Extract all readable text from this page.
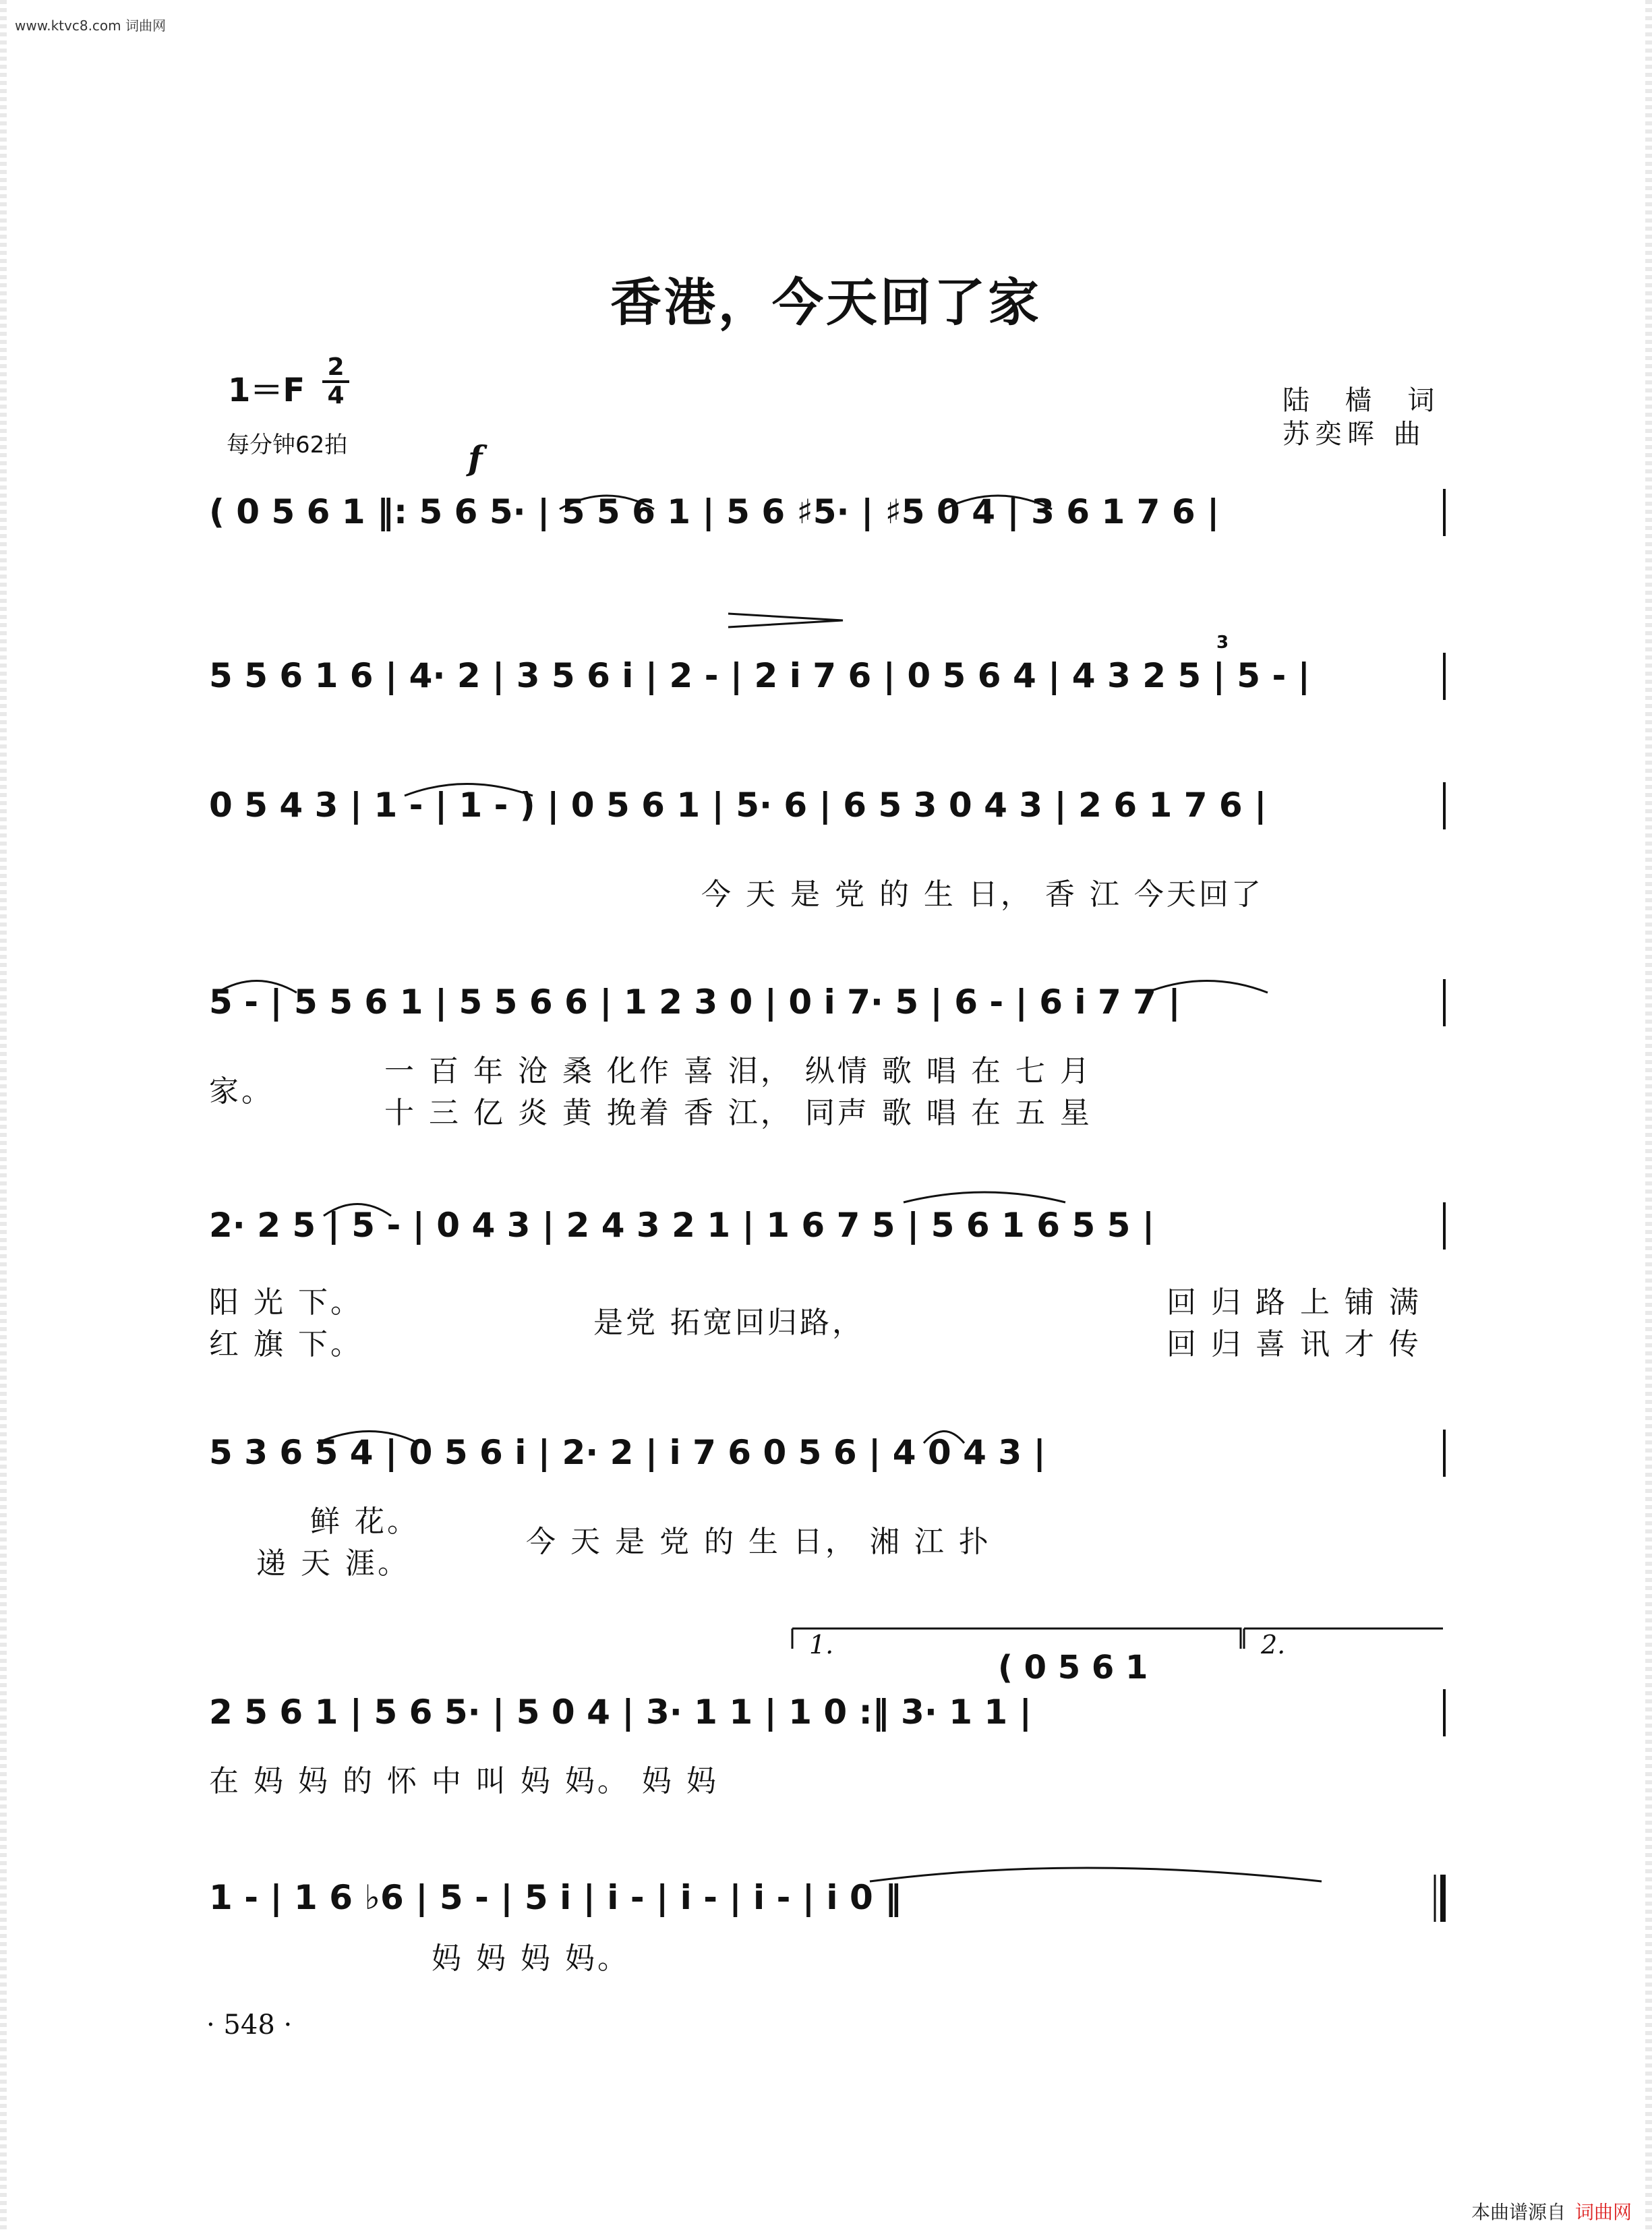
www.ktvc8.com 词曲网
香港，今天回了家
1＝F
2
4
每分钟62拍
陆 樯 词
苏奕晖 曲
f
( 0 5 6 1 ‖: 5 6 5· | 5 5 6 1 | 5 6 ♯5· | ♯5 0 4 | 3 6 1 7 6 |
5 5 6 1 6 | 4· 2 | 3 5 6 i | 2 - | 2 i 7 6 | 0 5 6 4 | 4 3 2 5 | 5 - |
3
0 5 4 3 | 1 - | 1 - ) | 0 5 6 1 | 5· 6 | 6 5 3 0 4 3 | 2 6 1 7 6 |
今 天 是 党 的 生 日， 香 江 今天回了
5 - | 5 5 6 1 | 5 5 6 6 | 1 2 3 0 | 0 i 7· 5 | 6 - | 6 i 7 7 |
家。
一 百 年 沧 桑 化作 喜 泪， 纵情 歌 唱 在 七 月
十 三 亿 炎 黄 挽着 香 江， 同声 歌 唱 在 五 星
2· 2 5 | 5 - | 0 4 3 | 2 4 3 2 1 | 1 6 7 5 | 5 6 1 6 5 5 |
阳 光 下。
红 旗 下。
是党 拓宽回归路，
回 归 路 上 铺 满
回 归 喜 讯 才 传
5 3 6 5 4 | 0 5 6 i | 2· 2 | i 7 6 0 5 6 | 4 0 4 3 |
鲜 花。
递 天 涯。
今 天 是 党 的 生 日， 湘 江 扑
1.	2.
( 0 5 6 1
2 5 6 1 | 5 6 5· | 5 0 4 | 3· 1 1 | 1 0 :‖ 3· 1 1 |
在 妈 妈 的 怀 中 叫 妈 妈。 妈 妈
1 - | 1 6 ♭6 | 5 - | 5 i | i - | i - | i - | i 0 ‖
妈 妈 妈 妈。
· 548 ·
本曲谱源自 词曲网
